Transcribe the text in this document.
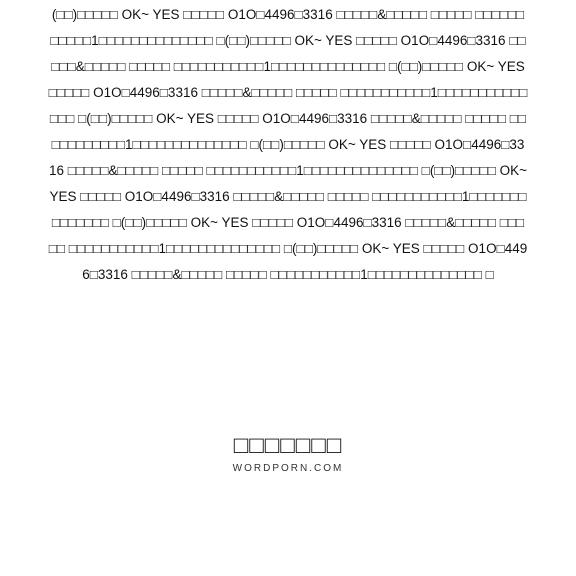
(□□)□□□□□ OK~ YES □□□□□ O1O□4496□3316 □□□□□&□□□□□ □□□□□ □□□□□□□□□□□1□□□□□□□□□□□□□□ □(□□)□□□□□ OK~ YES □□□□□ O1O□4496□3316 □□□□□&□□□□□ □□□□□ □□□□□□□□□□□1□□□□□□□□□□□□□□ □(□□)□□□□□ OK~ YES □□□□□ O1O□4496□3316 □□□□□&□□□□□ □□□□□ □□□□□□□□□□□1□□□□□□□□□□□□□□ □(□□)□□□□□ OK~ YES □□□□□ O1O□4496□3316 □□□□□&□□□□□ □□□□□ □□□□□□□□□□□1□□□□□□□□□□□□□□ □(□□)□□□□□ OK~ YES □□□□□ O1O□4496□3316 □□□□□&□□□□□ □□□□□ □□□□□□□□□□□1□□□□□□□□□□□□□□ □(□□)□□□□□ OK~ YES □□□□□ O1O□4496□3316 □□□□□&□□□□□ □□□□□ □□□□□□□□□□□1□□□□□□□□□□□□□□ □(□□)□□□□□ OK~ YES □□□□□ O1O□4496□3316 □□□□□&□□□□□ □□□□□ □□□□□□□□□□□1□□□□□□□□□□□□□□ □(□□)□□□□□ OK~ YES □□□□□ O1O□4496□3316 □□□□□&□□□□□ □□□□□ □□□□□□□□□□□1□□□□□□□□□□□□□□ □

□□□□□□□
WORDPORN.COM
